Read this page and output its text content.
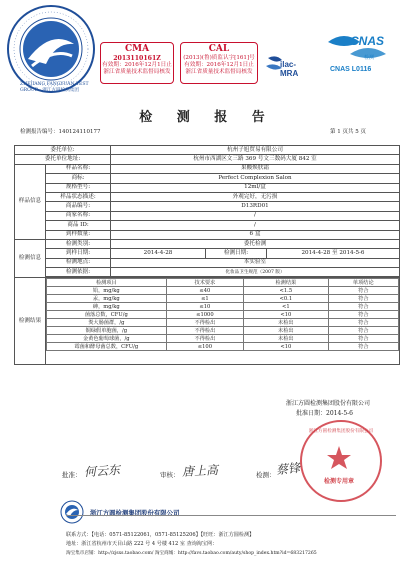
ZHEJIANG FANGYUAN TEST GROUP · 浙江方圆检测集团
CMA
2013110161Z
有效期：2016年12月1日止
浙江省质量技术监督局核发
CAL
(2013)(鲁)质监认字[161]号
有效期：2016年12月1日止
浙江省质量技术监督局核发
ilac-MRA
CNAS
检测
CNAS L0116
检 测 报 告
检测报告编号：140124110177	第 1 页共 5 页
委托单位:	杭州子旭贸易有限公司
委托单位地址:	杭州市西湖区文三路 369 号文三数码大厦 842 室
样品信息	样品名称:	果酸焕肤霜
商标:	Perfect Complexion Salon
规格型号:	12ml/盒
样品状态描述:	外观完好，无污损
商品编号:	D13RD01
商家名称:	/
商品 ID:	/
到样数量:	6 盒
检测信息	检测类别:	委托检测
到样日期:	2014-4-28	检测日期:	2014-4-28 至 2014-5-6
检测地点:	本实验室
检测依据:	化妆品卫生规范（2007 版）

检测结果	
检测项目	技术要求	检测结果	单项结论
铅，mg/kg	≤40	<1.5	符合
汞，mg/kg	≤1	<0.1	符合
砷，mg/kg	≤10	<1	符合
菌落总数，CFU/g	≤1000	<10	符合
粪大肠菌群，/g	不得检出	未检出	符合
铜绿假单胞菌，/g	不得检出	未检出	符合
金黄色葡萄球菌，/g	不得检出	未检出	符合
霉菌和酵母菌总数，CFU/g	≤100	<10	符合
浙江方圆检测集团股份有限公司
批准日期：2014-5-6
浙江方圆检测集团股份有限公司
检测专用章
批准： 何云东	审核： 唐上高	检测： 蔡锋
浙江方圆检测集团股份有限公司
联系方式：【电话：0571-85122061，0571-85125206】【旺旺：浙江方圆检测】
地址：浙江省杭州市天目山路 222 号 4 号楼 412 室 查询淘宝网：
淘宝集市店铺：http://zjsxs.taobao.com/ 淘宝商城：http://favs.taobao.com/auty/shop_index.htm?id=683217265
